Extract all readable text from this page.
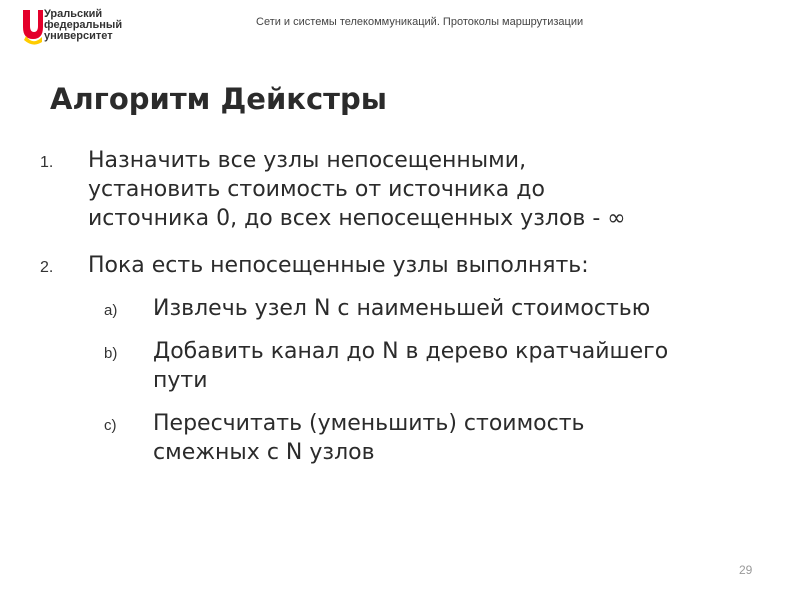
Уральский
федеральный
университет
Сети и системы телекоммуникаций. Протоколы маршрутизации
Алгоритм Дейкстры
1. Назначить все узлы непосещенными,
установить стоимость от источника до
источника 0, до всех непосещенных узлов - ∞
2. Пока есть непосещенные узлы выполнять:
a) Извлечь узел N с наименьшей стоимостью
b) Добавить канал до N в дерево кратчайшего
пути
c) Пересчитать (уменьшить) стоимость
смежных с N узлов
29
